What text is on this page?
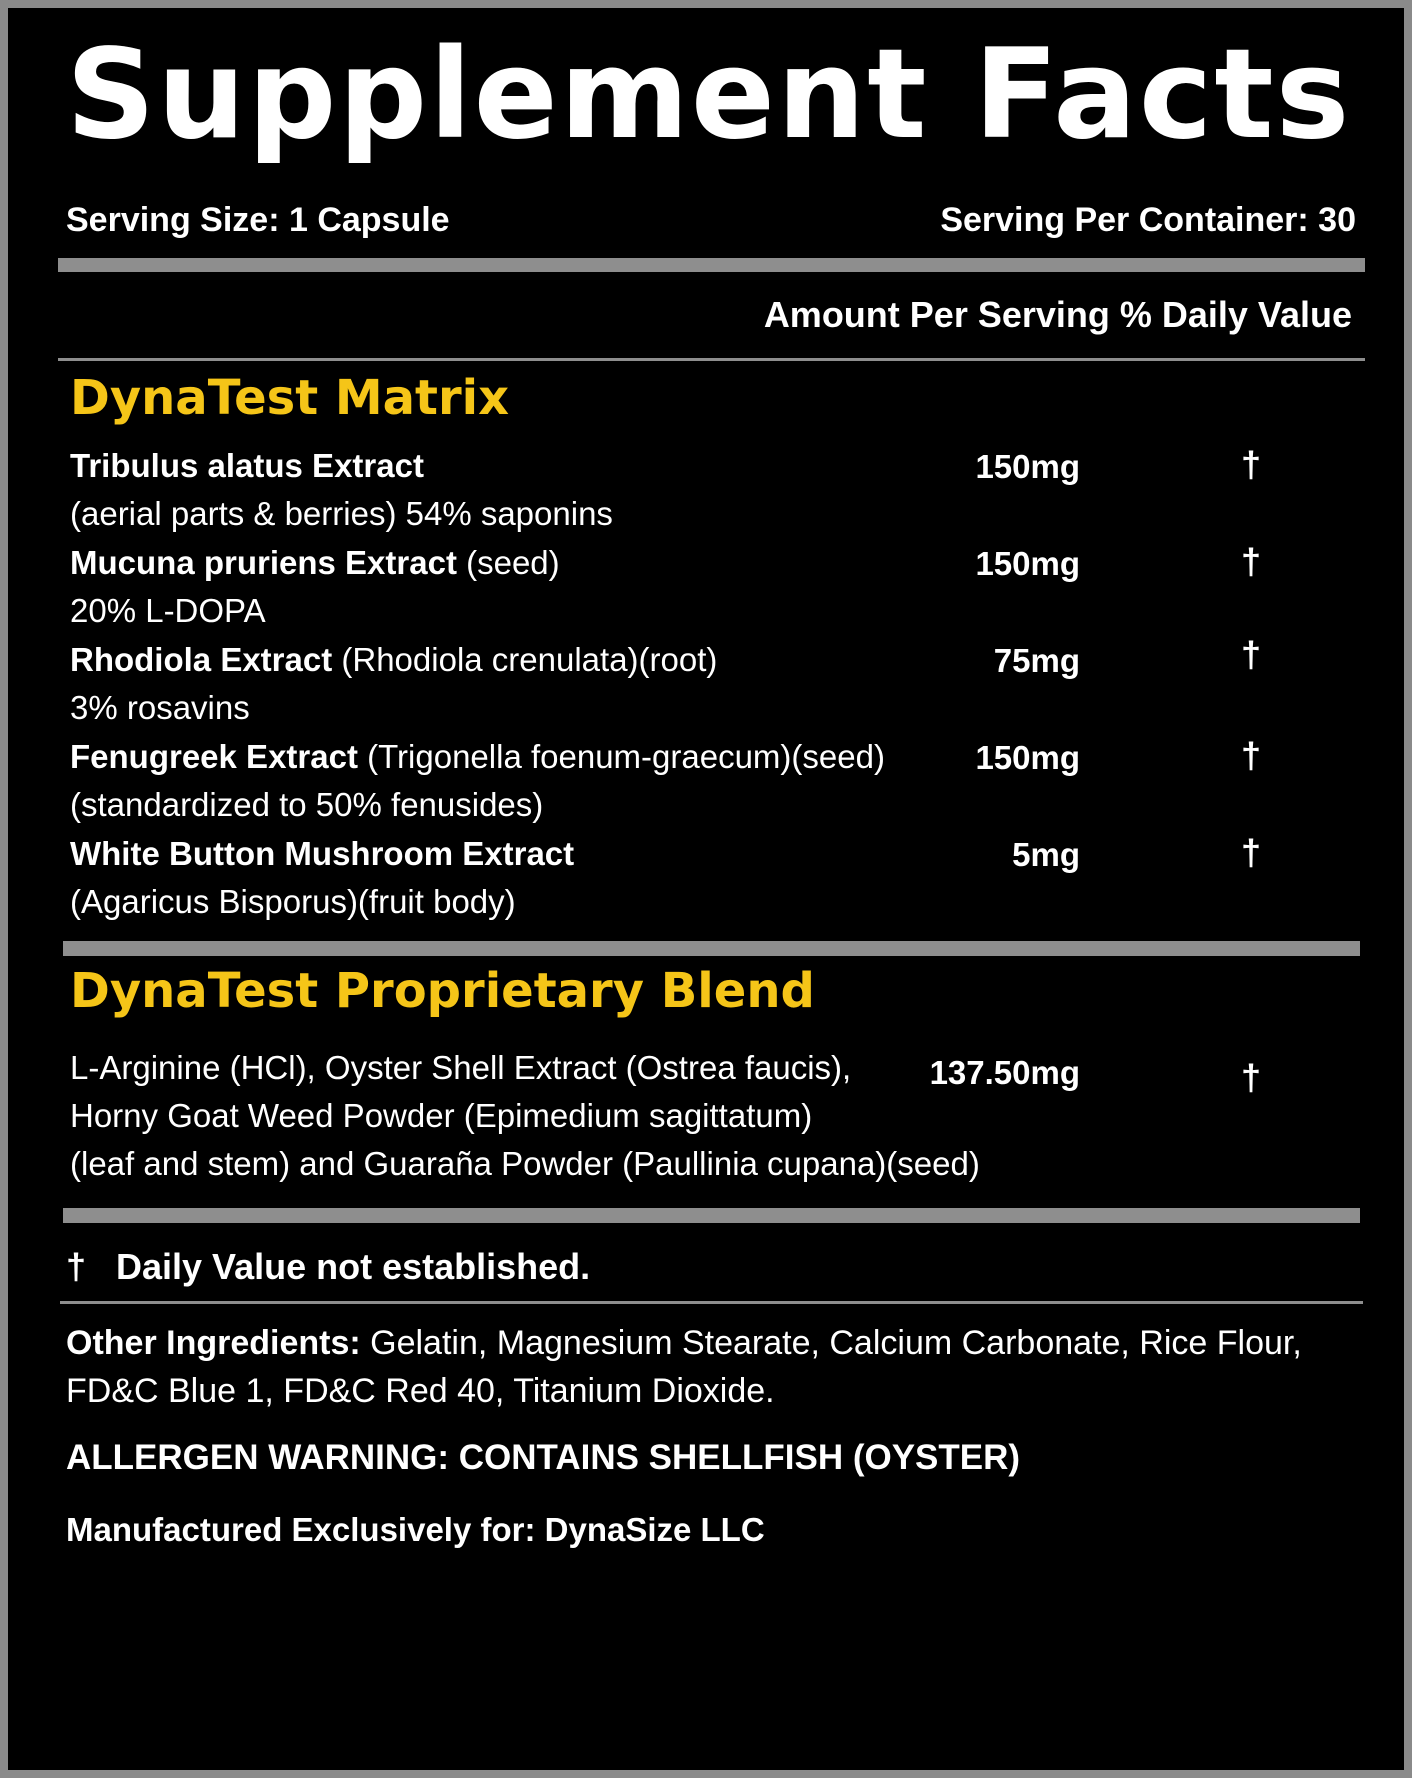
Supplement Facts
Serving Size: 1 Capsule	Serving Per Container: 30
Amount Per Serving % Daily Value
DynaTest Matrix
Tribulus alatus Extract
(aerial parts & berries) 54% saponins
150mg	†
Mucuna pruriens Extract (seed)
20% L-DOPA
150mg	†
Rhodiola Extract (Rhodiola crenulata)(root)
3% rosavins
75mg	†
Fenugreek Extract (Trigonella foenum-graecum)(seed)
(standardized to 50% fenusides)
150mg	†
White Button Mushroom Extract
(Agaricus Bisporus)(fruit body)
5mg	†
DynaTest Proprietary Blend
L-Arginine (HCl), Oyster Shell Extract (Ostrea faucis),
Horny Goat Weed Powder (Epimedium sagittatum)
(leaf and stem) and Guaraña Powder (Paullinia cupana)(seed)
137.50mg	†
† Daily Value not established.
Other Ingredients: Gelatin, Magnesium Stearate, Calcium Carbonate, Rice Flour,
FD&C Blue 1, FD&C Red 40, Titanium Dioxide.
ALLERGEN WARNING: CONTAINS SHELLFISH (OYSTER)
Manufactured Exclusively for: DynaSize LLC
